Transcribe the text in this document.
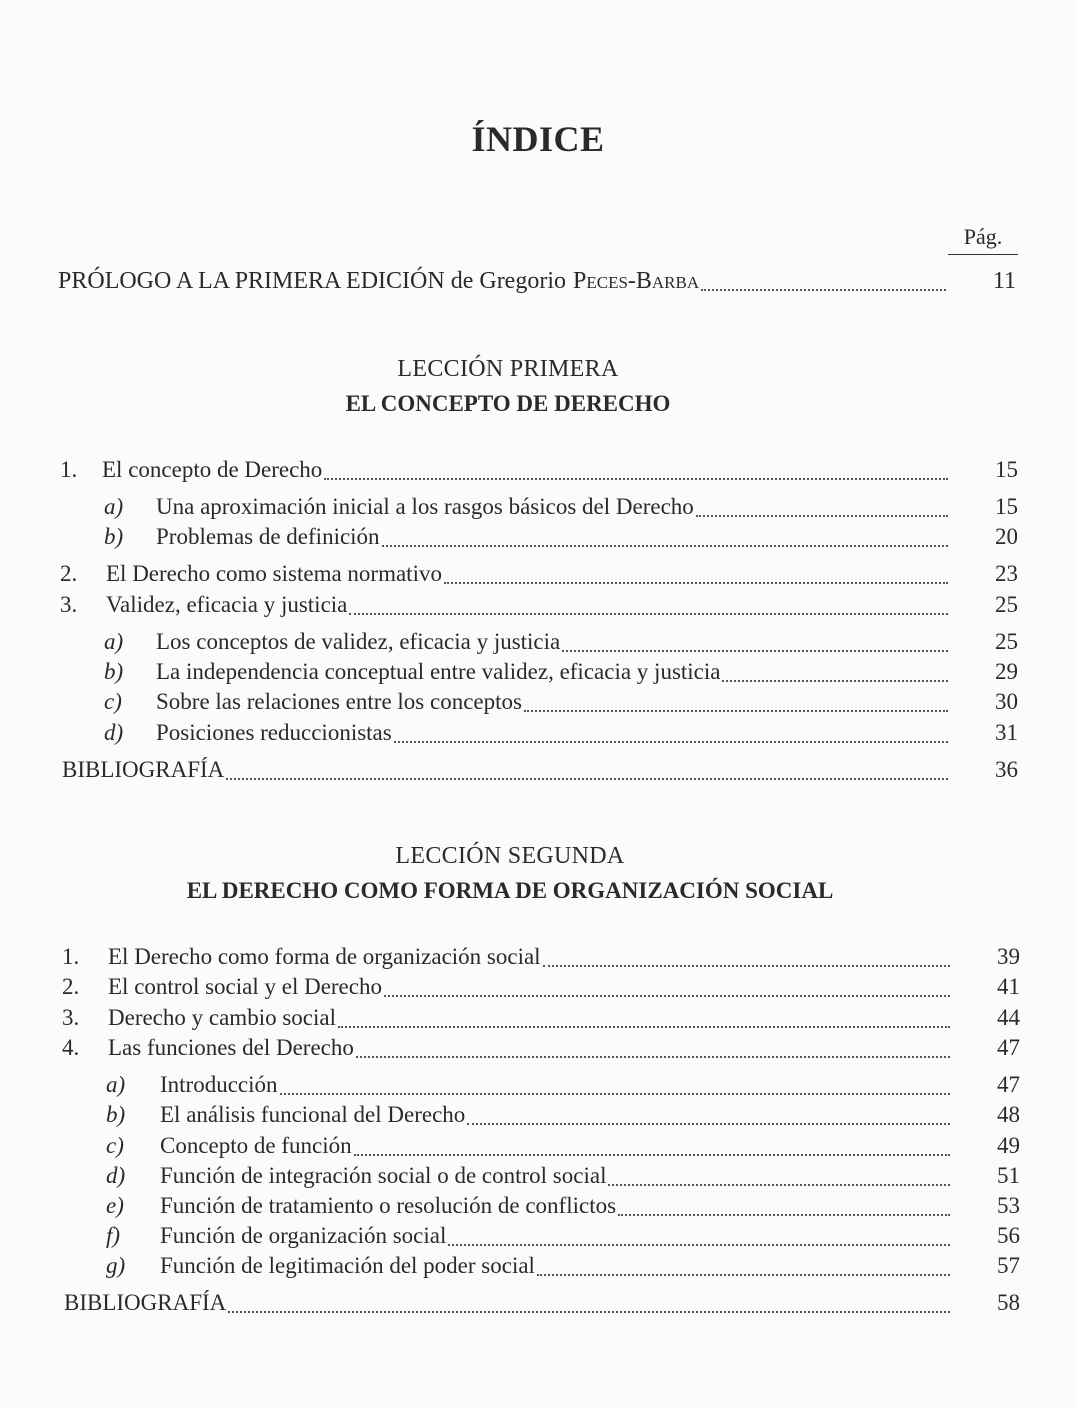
ÍNDICE
Pág.
PRÓLOGO A LA PRIMERA EDICIÓN de Gregorio Peces-Barba	11
LECCIÓN PRIMERA
EL CONCEPTO DE DERECHO
1.	El concepto de Derecho	15
a)	Una aproximación inicial a los rasgos básicos del Derecho	15
b)	Problemas de definición	20
2.	El Derecho como sistema normativo	23
3.	Validez, eficacia y justicia	25
a)	Los conceptos de validez, eficacia y justicia	25
b)	La independencia conceptual entre validez, eficacia y justicia	29
c)	Sobre las relaciones entre los conceptos	30
d)	Posiciones reduccionistas	31
BIBLIOGRAFÍA	36
LECCIÓN SEGUNDA
EL DERECHO COMO FORMA DE ORGANIZACIÓN SOCIAL
1.	El Derecho como forma de organización social	39
2.	El control social y el Derecho	41
3.	Derecho y cambio social	44
4.	Las funciones del Derecho	47
a)	Introducción	47
b)	El análisis funcional del Derecho	48
c)	Concepto de función	49
d)	Función de integración social o de control social	51
e)	Función de tratamiento o resolución de conflictos	53
f)	Función de organización social	56
g)	Función de legitimación del poder social	57
BIBLIOGRAFÍA	58
